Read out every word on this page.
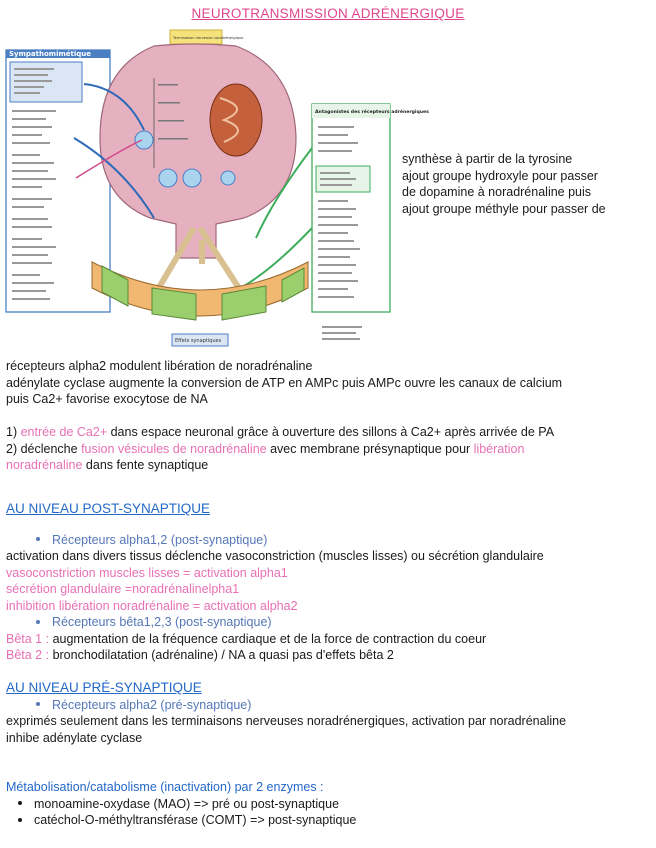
NEUROTRANSMISSION ADRÉNERGIQUE
Sympathomimétique
Antagonistes des récepteurs adrénergiques
Terminaison nerveuse noradrénergique
Effets synaptiques
synthèse à partir de la tyrosine
ajout groupe hydroxyle pour passer
de dopamine à noradrénaline puis
ajout groupe méthyle pour passer de
récepteurs alpha2 modulent libération de noradrénaline
adénylate cyclase augmente la conversion de ATP en AMPc puis AMPc ouvre les canaux de calcium
puis Ca2+ favorise exocytose de NA
1) entrée de Ca2+ dans espace neuronal grâce à ouverture des sillons à Ca2+ après arrivée de PA
2) déclenche fusion vésicules de noradrénaline avec membrane présynaptique pour libération
noradrénaline dans fente synaptique
AU NIVEAU POST-SYNAPTIQUE
Récepteurs alpha1,2 (post-synaptique)
activation dans divers tissus déclenche vasoconstriction (muscles lisses) ou sécrétion glandulaire
vasoconstriction muscles lisses = activation alpha1
sécrétion glandulaire =noradrénalinelpha1
inhibition libération noradrénaline = activation alpha2
Récepteurs bêta1,2,3 (post-synaptique)
Bêta 1 : augmentation de la fréquence cardiaque et de la force de contraction du coeur
Bêta 2 : bronchodilatation (adrénaline) / NA a quasi pas d'effets bêta 2
AU NIVEAU PRÉ-SYNAPTIQUE
Récepteurs alpha2 (pré-synaptique)
exprimés seulement dans les terminaisons nerveuses noradrénergiques, activation par noradrénaline
inhibe adénylate cyclase
Métabolisation/catabolisme (inactivation) par 2 enzymes :
monoamine-oxydase (MAO) => pré ou post-synaptique
catéchol-O-méthyltransférase (COMT) => post-synaptique
